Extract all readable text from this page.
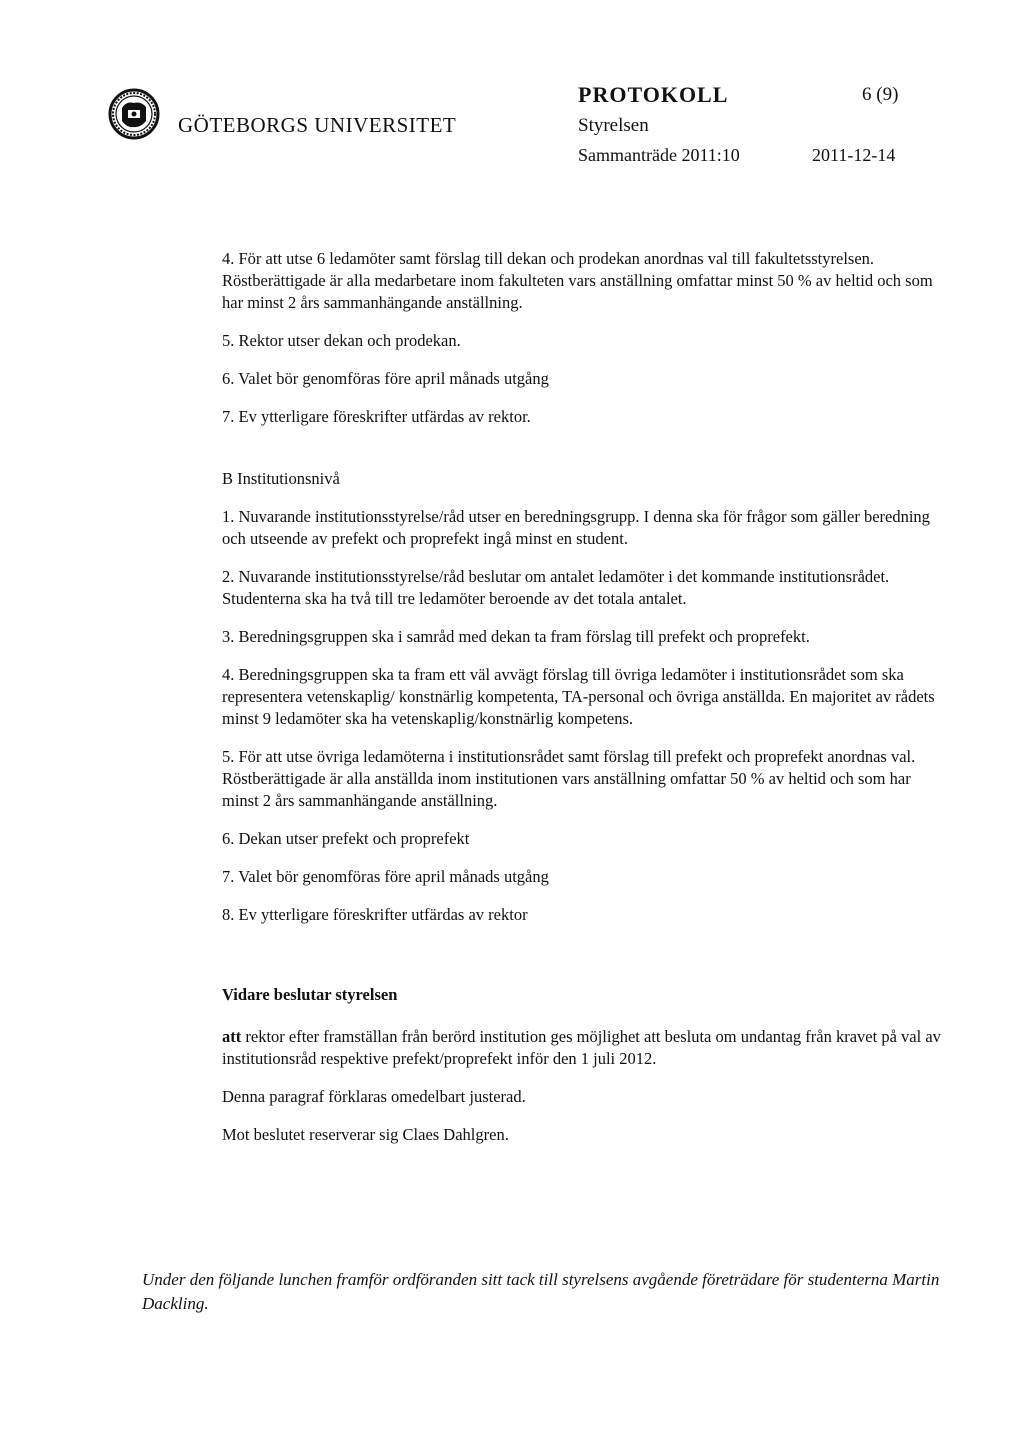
GÖTEBORGS UNIVERSITET
PROTOKOLL	6 (9)
Styrelsen
Sammanträde 2011:10	2011-12-14

4. För att utse 6 ledamöter samt förslag till dekan och prodekan anordnas val till fakultetsstyrelsen. Röstberättigade är alla medarbetare inom fakulteten vars anställning omfattar minst 50 % av heltid och som har minst 2 års sammanhängande anställning.

5. Rektor utser dekan och prodekan.

6. Valet bör genomföras före april månads utgång

7. Ev ytterligare föreskrifter utfärdas av rektor.

B Institutionsnivå

1. Nuvarande institutionsstyrelse/råd utser en beredningsgrupp. I denna ska för frågor som gäller beredning och utseende av prefekt och proprefekt ingå minst en student.

2. Nuvarande institutionsstyrelse/råd beslutar om antalet ledamöter i det kommande institutionsrådet. Studenterna ska ha två till tre ledamöter beroende av det totala antalet.

3. Beredningsgruppen ska i samråd med dekan ta fram förslag till prefekt och proprefekt.

4. Beredningsgruppen ska ta fram ett väl avvägt förslag till övriga ledamöter i institutionsrådet som ska representera vetenskaplig/ konstnärlig kompetenta, TA-personal och övriga anställda. En majoritet av rådets minst 9 ledamöter ska ha vetenskaplig/konstnärlig kompetens.

5. För att utse övriga ledamöterna i institutionsrådet samt förslag till prefekt och proprefekt anordnas val. Röstberättigade är alla anställda inom institutionen vars anställning omfattar 50 % av heltid och som har minst 2 års sammanhängande anställning.

6. Dekan utser prefekt och proprefekt

7. Valet bör genomföras före april månads utgång

8. Ev ytterligare föreskrifter utfärdas av rektor

Vidare beslutar styrelsen

att rektor efter framställan från berörd institution ges möjlighet att besluta om undantag från kravet på val av institutionsråd respektive prefekt/proprefekt inför den 1 juli 2012.

Denna paragraf förklaras omedelbart justerad.

Mot beslutet reserverar sig Claes Dahlgren.

Under den följande lunchen framför ordföranden sitt tack till styrelsens avgående företrädare för studenterna Martin Dackling.
